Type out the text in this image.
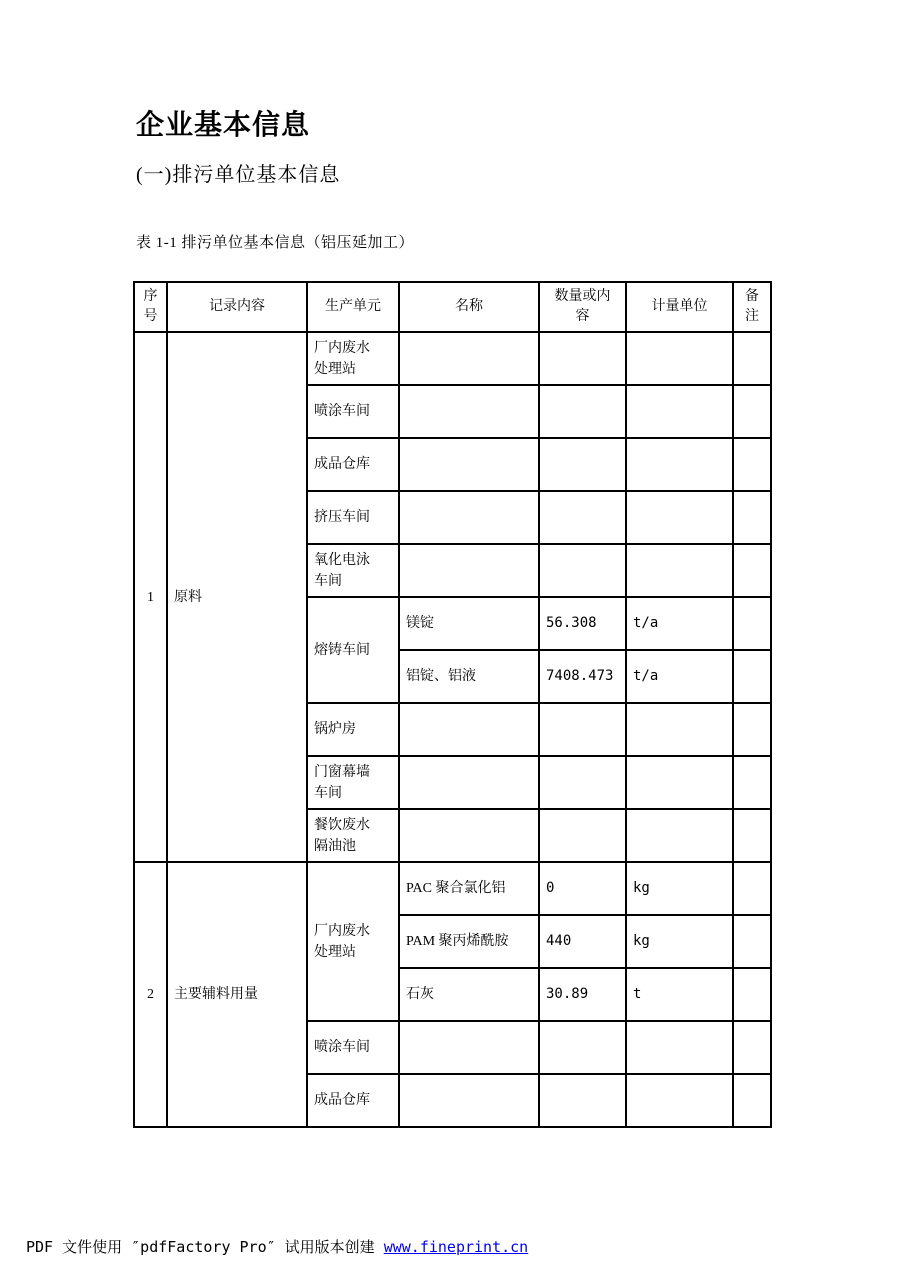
企业基本信息
(一)排污单位基本信息
表 1-1 排污单位基本信息（铝压延加工）
序号	记录内容	生产单元	名称	数量或内容	计量单位	备注
1	原料	厂内废水处理站				
		喷涂车间				
		成品仓库				
		挤压车间				
		氧化电泳车间				
		熔铸车间	镁锭	56.308	t/a	
			铝锭、铝液	7408.473	t/a	
		锅炉房				
		门窗幕墙车间				
		餐饮废水隔油池				
2	主要辅料用量	厂内废水处理站	PAC 聚合氯化铝	0	kg	
			PAM 聚丙烯酰胺	440	kg	
			石灰	30.89	t	
		喷涂车间				
		成品仓库				
PDF 文件使用 ″pdfFactory Pro″ 试用版本创建 www.fineprint.cn
